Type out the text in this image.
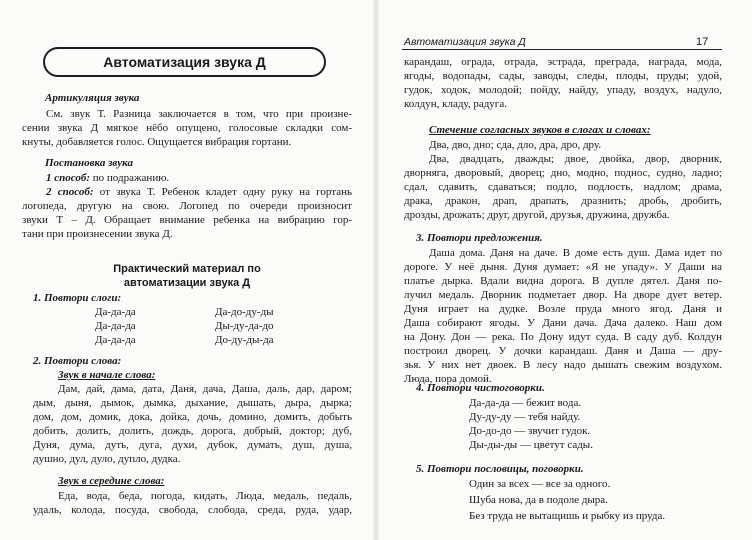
Автоматизация звука Д
Артикуляция звука
См. звук Т. Разница заключается в том, что при произне-
сении звука Д мягкое нёбо опущено, голосовые складки сом-
кнуты, добавляется голос. Ощущается вибрация гортани.
Постановка звука
1 способ: по подражанию.
2 способ: от звука Т. Ребенок кладет одну руку на гортань
логопеда, другую на свою. Логопед по очереди произносит
звуки Т – Д. Обращает внимание ребенка на вибрацию гор-
тани при произнесении звука Д.
Практический материал по автоматизации звука Д
1. Повтори слоги:
Да-да-да
Да-да-да
Да-да-да
Да-до-ду-ды
Ды-ду-да-до
До-ду-ды-да
2. Повтори слова:
Звук в начале слова:
Дам, дай, дама, дата, Даня, дача, Даша, даль, дар, даром;
дым, дыня, дымок, дымка, дыхание, дышать, дыра, дырка;
дом, дом, домик, дока, дойка, дочь, домино, домить, добыть
добить, долить, долить, дождь, дорога, добрый, доктор; дуб,
Дуня, дума, дуть, дуга, духи, дубок, думать, душ, душа,
душно, дул, дуло, дупло, дудка.
Звук в середине слова:
Еда, вода, беда, погода, кидать, Люда, медаль, педаль,
удаль, колода, посуда, свобода, слобода, среда, руда, удар,
Автоматизация звука Д	17
карандаш, ограда, отрада, эстрада, преграда, награда, мода,
ягоды, водопады, сады, заводы, следы, плоды, пруды; удой,
гудок, ходок, молодой; пойду, найду, упаду, воздух, надуло,
колдун, кладу, радуга.
Стечение согласных звуков в слогах и словах:
Два, дво, дно; сда, дло, дра, дро, дру.
Два, двадцать, дважды; двое, двойка, двор, дворник,
дворняга, дворовый, дворец; дно, модно, поднос, судно, ладно;
сдал, сдавить, сдаваться; подло, подлость, надлом; драма,
драка, дракон, драп, драпать, дразнить; дробь, дробить,
дрозды, дрожать; друг, другой, друзья, дружина, дружба.
3. Повтори предложения.
Даша дома. Даня на даче. В доме есть душ. Дама идет по
дороге. У неё дыня. Дуня думает: «Я не упаду». У Даши на
платье дырка. Вдали видна дорога. В дупле дятел. Даня по-
лучил медаль. Дворник подметает двор. На дворе дует ветер.
Дуня играет на дудке. Возле пруда много ягод. Даня и
Даша собирают ягоды. У Дани дача. Дача далеко. Наш дом
на Дону. Дон — река. По Дону идут суда. В саду дуб. Колдун
построил дворец. У дочки карандаш. Даня и Даша — дру-
зья. У них нет двоек. В лесу надо дышать свежим воздухом.
Люда, пора домой.
4. Повтори чистоговорки.
Да-да-да — бежит вода.
Ду-ду-ду — тебя найду.
До-до-до — звучит гудок.
Ды-ды-ды — цветут сады.
5. Повтори пословицы, поговорки.
Один за всех — все за одного.
Шуба нова, да в подоле дыра.
Без труда не вытащишь и рыбку из пруда.
